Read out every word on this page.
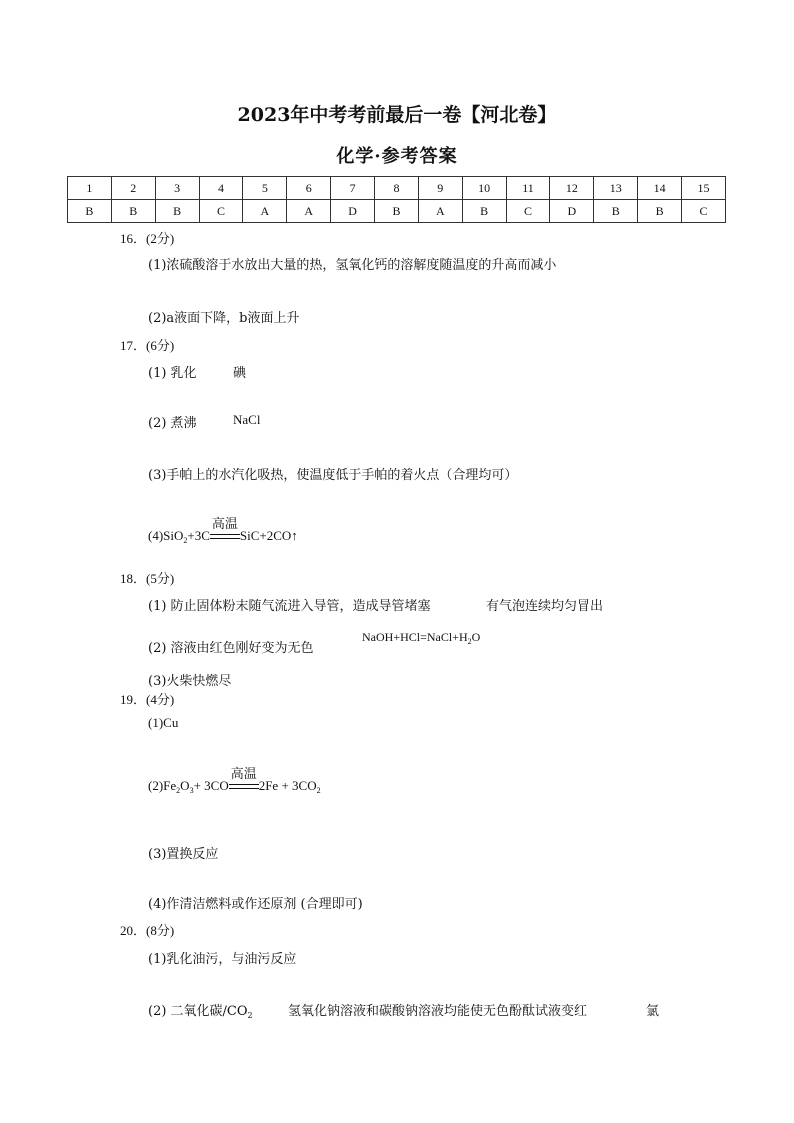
2023年中考考前最后一卷【河北卷】
化学·参考答案
1	2	3	4	5	6	7	8	9	10	11	12	13	14	15
B	B	B	C	A	A	D	B	A	B	C	D	B	B	C
16．(2分)
(1)浓硫酸溶于水放出大量的热，氢氧化钙的溶解度随温度的升高而减小
(2)a液面下降，b液面上升
17．(6分)
(1) 乳化	碘
(2) 煮沸	NaCl
(3)手帕上的水汽化吸热，使温度低于手帕的着火点（合理均可）
(4)SiO$_2$+3C
高温
SiC+2CO↑
18．(5分)
(1) 防止固体粉末随气流进入导管，造成导管堵塞	有气泡连续均匀冒出
(2) 溶液由红色刚好变为无色
$NaOH+HCl=NaCl+H_2O$
(3)火柴快燃尽
19．(4分)
(1)Cu
$(2)Fe_2O_3+ 3CO$
高温
$2Fe + 3CO_2$
(3)置换反应
(4)作清洁燃料或作还原剂 (合理即可)
20．(8分)
(1)乳化油污，与油污反应
(2) 二氧化碳$/CO_2$	氢氧化钠溶液和碳酸钠溶液均能使无色酚酞试液变红	氯
